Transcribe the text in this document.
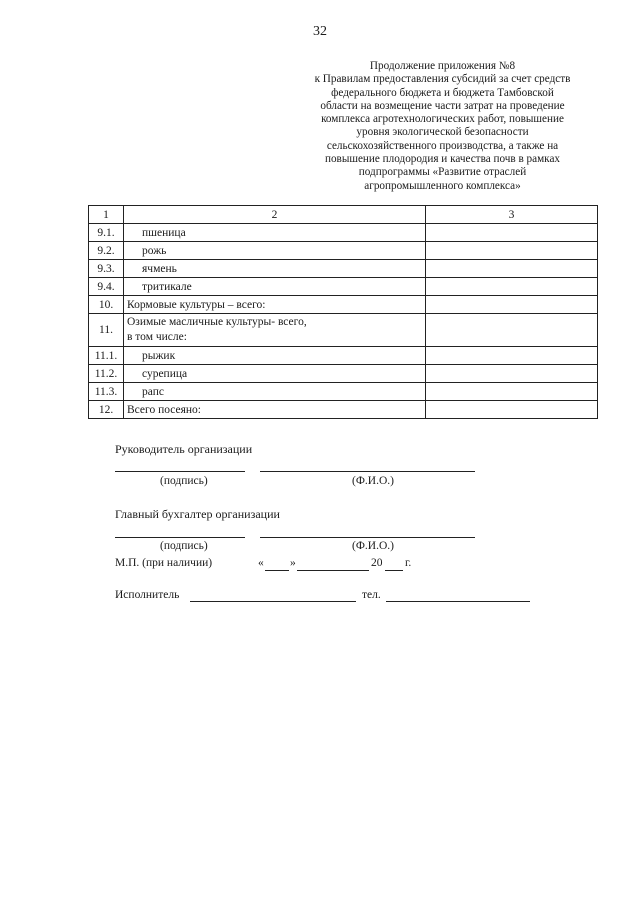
32
Продолжение приложения №8
к Правилам предоставления субсидий за счет средств
федерального бюджета и бюджета Тамбовской
области на возмещение части затрат на проведение
комплекса агротехнологических работ, повышение
уровня экологической безопасности
сельскохозяйственного производства, а также на
повышение плодородия и качества почв в рамках
подпрограммы «Развитие отраслей
агропромышленного комплекса»
1	2	3
9.1.	пшеница	
9.2.	рожь	
9.3.	ячмень	
9.4.	тритикале	
10.	Кормовые культуры – всего:	
11.	Озимые масличные культуры- всего,
в том числе:	

11.1.	рыжик	
11.2.	сурепица	
11.3.	рапс	
12.	Всего посеяно:	
Руководитель организации
(подпись)	(Ф.И.О.)
Главный бухгалтер организации
(подпись)	(Ф.И.О.)
М.П. (при наличии)	« »	20 г.
Исполнитель	тел.
